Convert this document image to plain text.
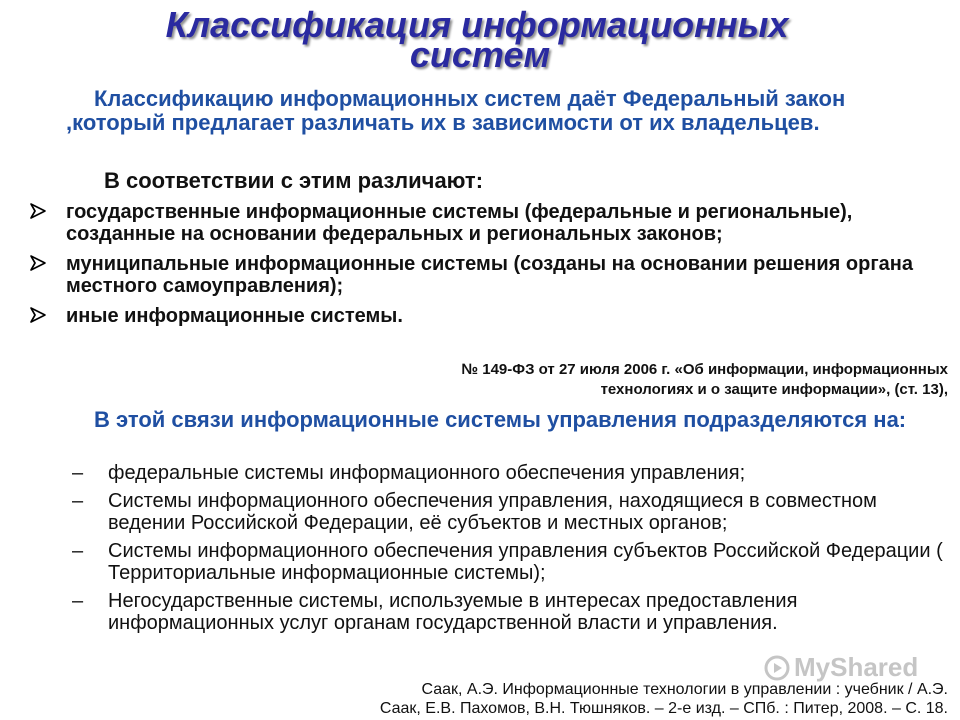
Классификация информационных
систем
Классификацию информационных систем даёт Федеральный закон ,который предлагает различать их в зависимости от их владельцев.
В соответствии с этим различают:
государственные информационные системы (федеральные и региональные), созданные на основании федеральных и региональных законов;
муниципальные информационные системы (созданы на основании решения органа местного самоуправления);
иные информационные системы.
№ 149-ФЗ от 27 июля 2006 г. «Об информации, информационных
технологиях и о защите информации», (ст. 13),
В этой связи информационные системы управления подразделяются на:
– федеральные системы информационного обеспечения управления;
– Системы информационного обеспечения управления, находящиеся в совместном ведении Российской Федерации, её субъектов и местных органов;
– Системы информационного обеспечения управления субъектов Российской Федерации ( Территориальные информационные системы);
– Негосударственные системы, используемые в интересах предоставления информационных услуг органам государственной власти и управления.
MyShared
Саак, А.Э. Информационные технологии в управлении : учебник / А.Э.
Саак, Е.В. Пахомов, В.Н. Тюшняков. – 2-е изд. – СПб. : Питер, 2008. – С. 18.
